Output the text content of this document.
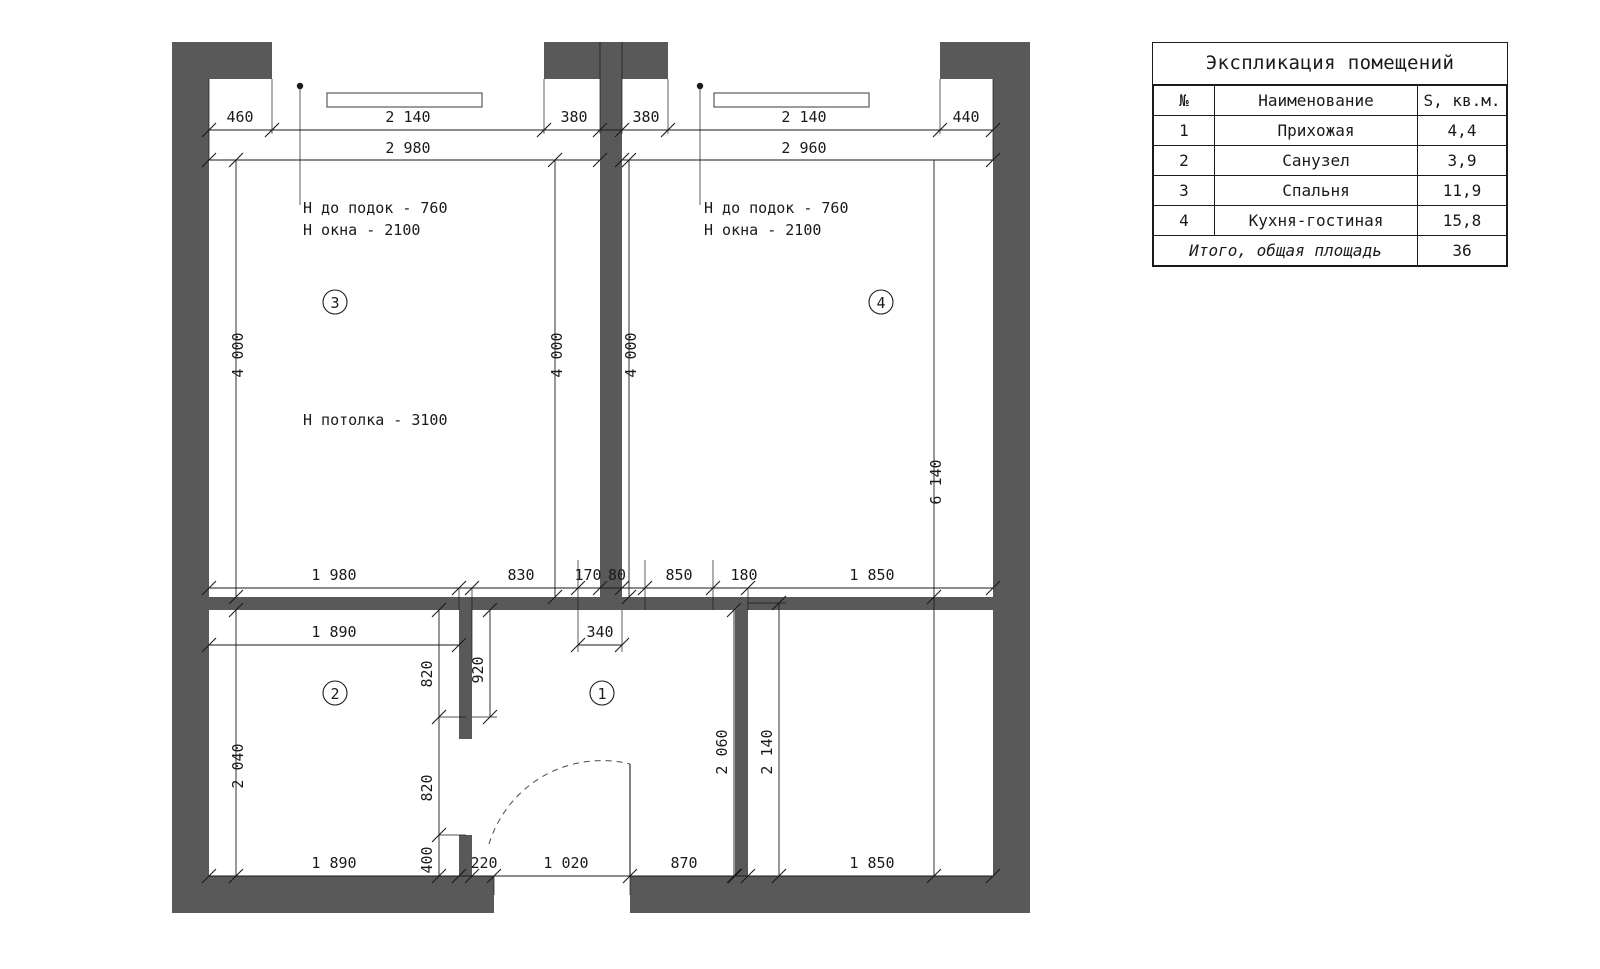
3	4
2	1
H до подок - 760
H окна - 2100
H до подок - 760
H окна - 2100
H потолка - 3100
460	2 140	380	380	2 140	440
2 980	2 960
1 980	830	170 80	850	180	1 850
1 890	340
1 890	220	1 020	870	1 850
4 000	4 000	4 000
6 140
820 920
2 040	820
400
2 060 2 140
Экспликация помещений
№	Наименование	S, кв.м.
1	Прихожая	4,4
2	Санузел	3,9
3	Спальня	11,9
4	Кухня-гостиная	15,8
Итого, общая площадь		36
